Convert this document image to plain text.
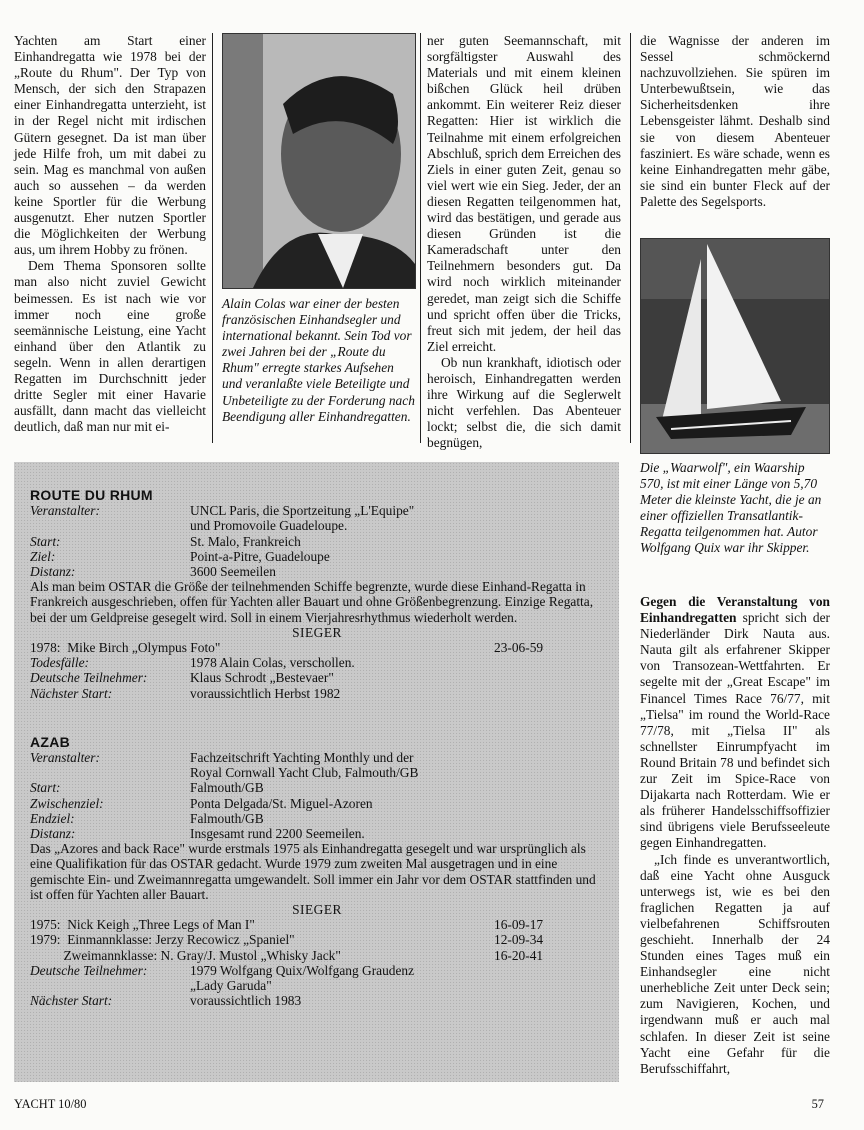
Yachten am Start einer Einhandregatta wie 1978 bei der „Route du Rhum". Der Typ von Mensch, der sich den Strapazen einer Einhandregatta unterzieht, ist in der Regel nicht mit irdischen Gütern gesegnet. Da ist man über jede Hilfe froh, um mit dabei zu sein. Mag es manchmal von außen auch so aussehen – da werden keine Sportler für die Werbung ausgenutzt. Eher nutzen Sportler die Möglichkeiten der Werbung aus, um ihrem Hobby zu frönen.

Dem Thema Sponsoren sollte man also nicht zuviel Gewicht beimessen. Es ist nach wie vor immer noch eine große seemännische Leistung, eine Yacht einhand über den Atlantik zu segeln. Wenn in allen derartigen Regatten im Durchschnitt jeder dritte Segler mit einer Havarie ausfällt, dann macht das vielleicht deutlich, daß man nur mit ei-

Alain Colas war einer der besten französischen Einhandsegler und international bekannt. Sein Tod vor zwei Jahren bei der „Route du Rhum" erregte starkes Aufsehen und veranlaßte viele Beteiligte und Unbeteiligte zu der Forderung nach Beendigung aller Einhandregatten.

ner guten Seemannschaft, mit sorgfältigster Auswahl des Materials und mit einem kleinen bißchen Glück heil drüben ankommt. Ein weiterer Reiz dieser Regatten: Hier ist wirklich die Teilnahme mit einem erfolgreichen Abschluß, sprich dem Erreichen des Ziels in einer guten Zeit, genau so viel wert wie ein Sieg. Jeder, der an diesen Regatten teilgenommen hat, wird das bestätigen, und gerade aus diesen Gründen ist die Kameradschaft unter den Teilnehmern besonders gut. Da wird noch wirklich miteinander geredet, man zeigt sich die Schiffe und spricht offen über die Tricks, freut sich mit jedem, der heil das Ziel erreicht.

Ob nun krankhaft, idiotisch oder heroisch, Einhandregatten werden ihre Wirkung auf die Seglerwelt nicht verfehlen. Das Abenteuer lockt; selbst die, die sich damit begnügen,

die Wagnisse der anderen im Sessel schmöckernd nachzuvollziehen. Sie spüren im Unterbewußtsein, wie das Sicherheitsdenken ihre Lebensgeister lähmt. Deshalb sind sie von diesem Abenteuer fasziniert. Es wäre schade, wenn es keine Einhandregatten mehr gäbe, sie sind ein bunter Fleck auf der Palette des Segelsports.

Die „Waarwolf", ein Waarship 570, ist mit einer Länge von 5,70 Meter die kleinste Yacht, die je an einer offiziellen Transatlantik-Regatta teilgenommen hat. Autor Wolfgang Quix war ihr Skipper.

Gegen die Veranstaltung von Einhandregatten spricht sich der Niederländer Dirk Nauta aus. Nauta gilt als erfahrener Skipper von Transozean-Wettfahrten. Er segelte mit der „Great Escape" im Financel Times Race 76/77, mit „Tielsa" im round the World-Race 77/78, mit „Tielsa II" als schnellster Einrumpfyacht im Round Britain 78 und befindet sich zur Zeit im Spice-Race von Dijakarta nach Rotterdam. Wie er als früherer Handelsschiffsoffizier sind übrigens viele Berufsseeleute gegen Einhandregatten.

„Ich finde es unverantwortlich, daß eine Yacht ohne Ausguck unterwegs ist, wie es bei den fraglichen Regatten ja auf vielbefahrenen Schiffsrouten geschieht. Innerhalb der 24 Stunden eines Tages muß ein Einhandsegler eine nicht unerhebliche Zeit unter Deck sein; zum Navigieren, Kochen, und irgendwann muß er auch mal schlafen. In dieser Zeit ist seine Yacht eine Gefahr für die Berufsschiffahrt,

ROUTE DU RHUM
Veranstalter:	UNCL Paris, die Sportzeitung „L'Equipe"
und Promovoile Guadeloupe.
Start:	St. Malo, Frankreich
Ziel:	Point-a-Pitre, Guadeloupe
Distanz:	3600 Seemeilen
Als man beim OSTAR die Größe der teilnehmenden Schiffe begrenzte, wurde diese Einhand-Regatta in Frankreich ausgeschrieben, offen für Yachten aller Bauart und ohne Größenbegrenzung. Einzige Regatta, bei der um Geldpreise gesegelt wird. Soll in einem Vierjahresrhythmus wiederholt werden.
SIEGER
1978:  Mike Birch „Olympus Foto"	23-06-59
Todesfälle:	1978 Alain Colas, verschollen.
Deutsche Teilnehmer:	Klaus Schrodt „Bestevaer"
Nächster Start:	voraussichtlich Herbst 1982
AZAB
Veranstalter:	Fachzeitschrift Yachting Monthly und der
Royal Cornwall Yacht Club, Falmouth/GB
Start:	Falmouth/GB
Zwischenziel:	Ponta Delgada/St. Miguel-Azoren
Endziel:	Falmouth/GB
Distanz:	Insgesamt rund 2200 Seemeilen.
Das „Azores and back Race" wurde erstmals 1975 als Einhandregatta gesegelt und war ursprünglich als eine Qualifikation für das OSTAR gedacht. Wurde 1979 zum zweiten Mal ausgetragen und in eine gemischte Ein- und Zweimannregatta umgewandelt. Soll immer ein Jahr vor dem OSTAR stattfinden und ist offen für Yachten aller Bauart.
SIEGER
1975:  Nick Keigh „Three Legs of Man I"	16-09-17
1979:  Einmannklasse: Jerzy Recowicz „Spaniel"	12-09-34
Zweimannklasse: N. Gray/J. Mustol „Whisky Jack"	16-20-41
Deutsche Teilnehmer:	1979 Wolfgang Quix/Wolfgang Graudenz
„Lady Garuda"
Nächster Start:	voraussichtlich 1983
YACHT 10/80	57
